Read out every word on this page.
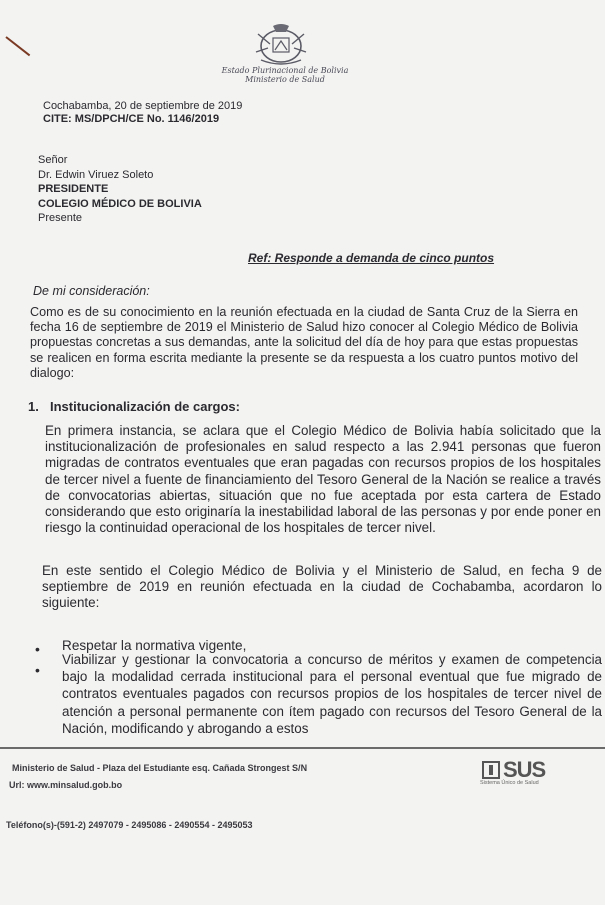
Estado Plurinacional de Bolivia
Ministerio de Salud
Cochabamba, 20 de septiembre de 2019
CITE: MS/DPCH/CE No. 1146/2019
Señor
Dr. Edwin Viruez Soleto
PRESIDENTE
COLEGIO MÉDICO DE BOLIVIA
Presente
Ref: Responde a demanda de cinco puntos
De mi consideración:
Como es de su conocimiento en la reunión efectuada en la ciudad de Santa Cruz de la Sierra en fecha 16 de septiembre de 2019 el Ministerio de Salud hizo conocer al Colegio Médico de Bolivia propuestas concretas a sus demandas, ante la solicitud del día de hoy para que estas propuestas se realicen en forma escrita mediante la presente se da respuesta a los cuatro puntos motivo del dialogo:
1. Institucionalización de cargos:
En primera instancia, se aclara que el Colegio Médico de Bolivia había solicitado que la institucionalización de profesionales en salud respecto a las 2.941 personas que fueron migradas de contratos eventuales que eran pagadas con recursos propios de los hospitales de tercer nivel a fuente de financiamiento del Tesoro General de la Nación se realice a través de convocatorias abiertas, situación que no fue aceptada por esta cartera de Estado considerando que esto originaría la inestabilidad laboral de las personas y por ende poner en riesgo la continuidad operacional de los hospitales de tercer nivel.
En este sentido el Colegio Médico de Bolivia y el Ministerio de Salud, en fecha 9 de septiembre de 2019 en reunión efectuada en la ciudad de Cochabamba, acordaron lo siguiente:
• Respetar la normativa vigente,
•
Viabilizar y gestionar la convocatoria a concurso de méritos y examen de competencia bajo la modalidad cerrada institucional para el personal eventual que fue migrado de contratos eventuales pagados con recursos propios de los hospitales de tercer nivel de atención a personal permanente con ítem pagado con recursos del Tesoro General de la Nación, modificando y abrogando a estos
Ministerio de Salud - Plaza del Estudiante esq. Cañada Strongest S/N
Url: www.minsalud.gob.bo
Teléfono(s)-(591-2) 2497079 - 2495086 - 2490554 - 2495053
SUS
Sistema Único de Salud
